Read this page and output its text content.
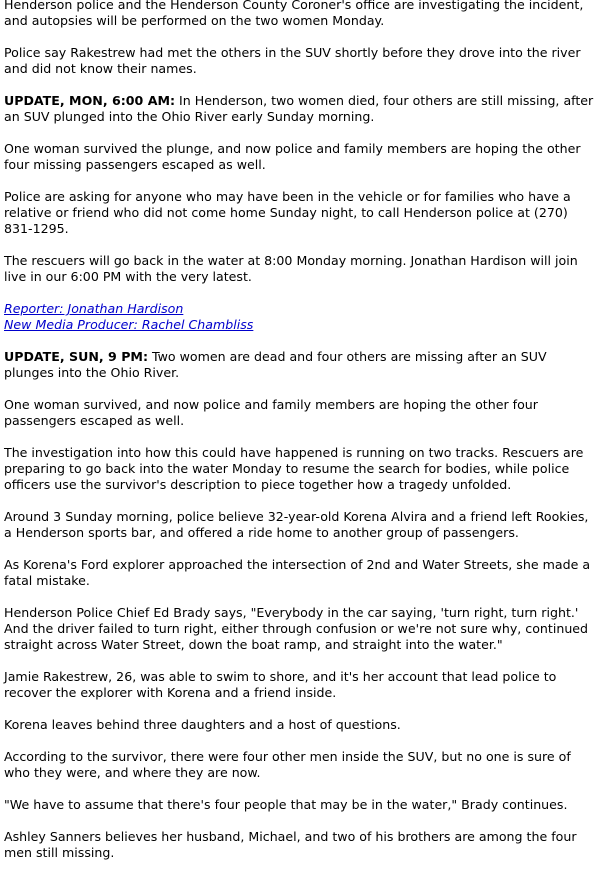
Henderson police and the Henderson County Coroner's office are investigating the incident, and autopsies will be performed on the two women Monday.

Police say Rakestrew had met the others in the SUV shortly before they drove into the river and did not know their names.

UPDATE, MON, 6:00 AM: In Henderson, two women died, four others are still missing, after an SUV plunged into the Ohio River early Sunday morning.

One woman survived the plunge, and now police and family members are hoping the other four missing passengers escaped as well.

Police are asking for anyone who may have been in the vehicle or for families who have a relative or friend who did not come home Sunday night, to call Henderson police at (270) 831-1295.

The rescuers will go back in the water at 8:00 Monday morning. Jonathan Hardison will join live in our 6:00 PM with the very latest.

Reporter: Jonathan Hardison
New Media Producer: Rachel Chambliss

UPDATE, SUN, 9 PM: Two women are dead and four others are missing after an SUV plunges into the Ohio River.

One woman survived, and now police and family members are hoping the other four passengers escaped as well.

The investigation into how this could have happened is running on two tracks. Rescuers are preparing to go back into the water Monday to resume the search for bodies, while police officers use the survivor's description to piece together how a tragedy unfolded.

Around 3 Sunday morning, police believe 32-year-old Korena Alvira and a friend left Rookies, a Henderson sports bar, and offered a ride home to another group of passengers.

As Korena's Ford explorer approached the intersection of 2nd and Water Streets, she made a fatal mistake.

Henderson Police Chief Ed Brady says, "Everybody in the car saying, 'turn right, turn right.' And the driver failed to turn right, either through confusion or we're not sure why, continued straight across Water Street, down the boat ramp, and straight into the water."

Jamie Rakestrew, 26, was able to swim to shore, and it's her account that lead police to recover the explorer with Korena and a friend inside.

Korena leaves behind three daughters and a host of questions.

According to the survivor, there were four other men inside the SUV, but no one is sure of who they were, and where they are now.

"We have to assume that there's four people that may be in the water," Brady continues.

Ashley Sanners believes her husband, Michael, and two of his brothers are among the four men still missing.
